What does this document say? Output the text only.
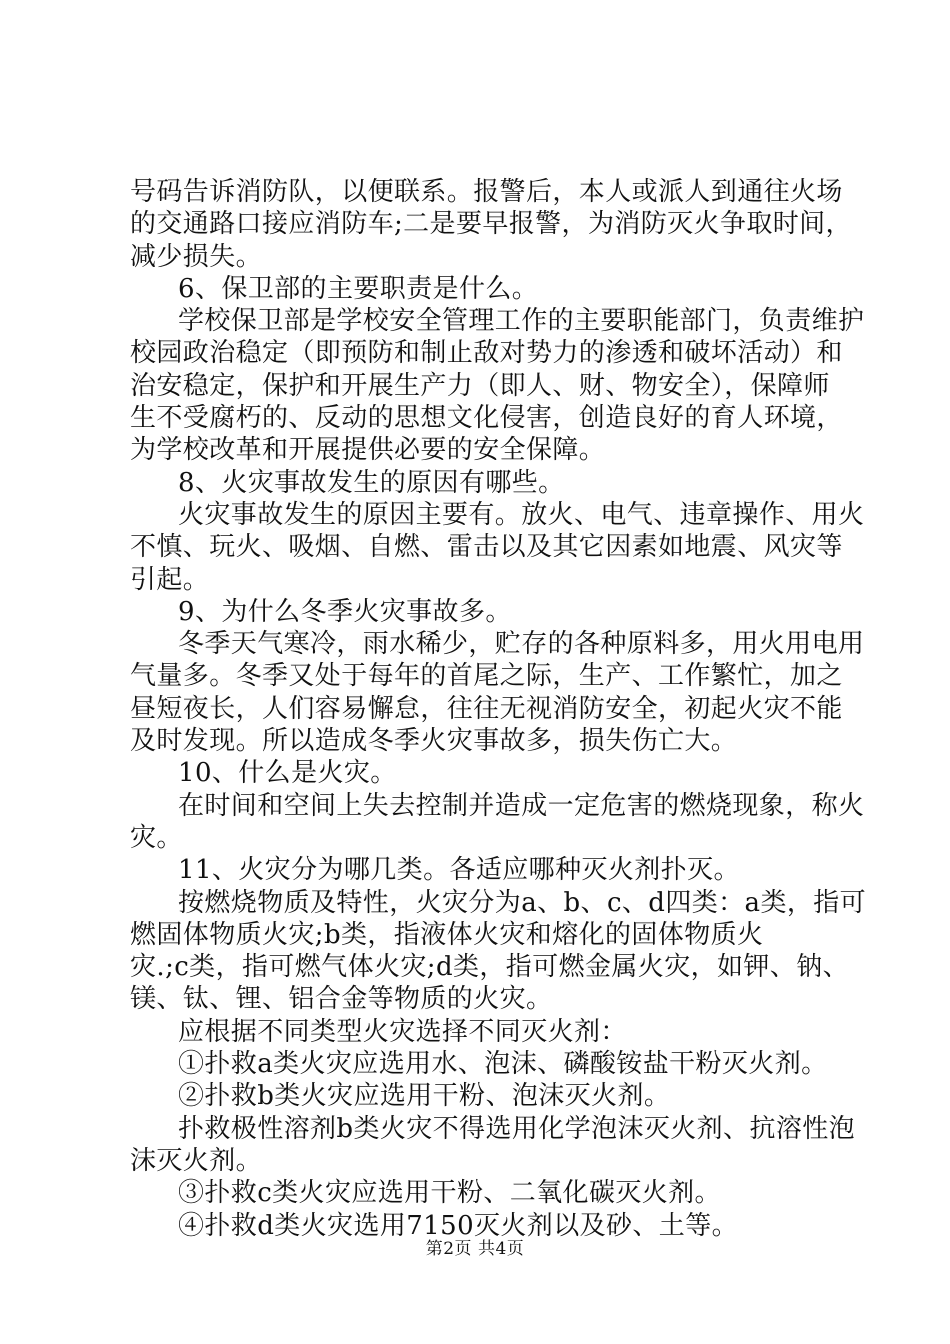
号码告诉消防队，以便联系。报警后，本人或派人到通往火场
的交通路口接应消防车;二是要早报警，为消防灭火争取时间，
减少损失。
6、保卫部的主要职责是什么。
学校保卫部是学校安全管理工作的主要职能部门，负责维护
校园政治稳定（即预防和制止敌对势力的渗透和破坏活动）和
治安稳定，保护和开展生产力（即人、财、物安全），保障师
生不受腐朽的、反动的思想文化侵害，创造良好的育人环境，
为学校改革和开展提供必要的安全保障。
8、火灾事故发生的原因有哪些。
火灾事故发生的原因主要有。放火、电气、违章操作、用火
不慎、玩火、吸烟、自燃、雷击以及其它因素如地震、风灾等
引起。
9、为什么冬季火灾事故多。
冬季天气寒冷，雨水稀少，贮存的各种原料多，用火用电用
气量多。冬季又处于每年的首尾之际，生产、工作繁忙，加之
昼短夜长，人们容易懈怠，往往无视消防安全，初起火灾不能
及时发现。所以造成冬季火灾事故多，损失伤亡大。
10、什么是火灾。
在时间和空间上失去控制并造成一定危害的燃烧现象，称火
灾。
11、火灾分为哪几类。各适应哪种灭火剂扑灭。
按燃烧物质及特性，火灾分为a、b、c、d四类：a类，指可
燃固体物质火灾;b类，指液体火灾和熔化的固体物质火
灾.;c类，指可燃气体火灾;d类，指可燃金属火灾，如钾、钠、
镁、钛、锂、铝合金等物质的火灾。
应根据不同类型火灾选择不同灭火剂：
①扑救a类火灾应选用水、泡沫、磷酸铵盐干粉灭火剂。
②扑救b类火灾应选用干粉、泡沫灭火剂。
扑救极性溶剂b类火灾不得选用化学泡沫灭火剂、抗溶性泡
沫灭火剂。
③扑救c类火灾应选用干粉、二氧化碳灭火剂。
④扑救d类火灾选用7150灭火剂以及砂、土等。
第2页 共4页
